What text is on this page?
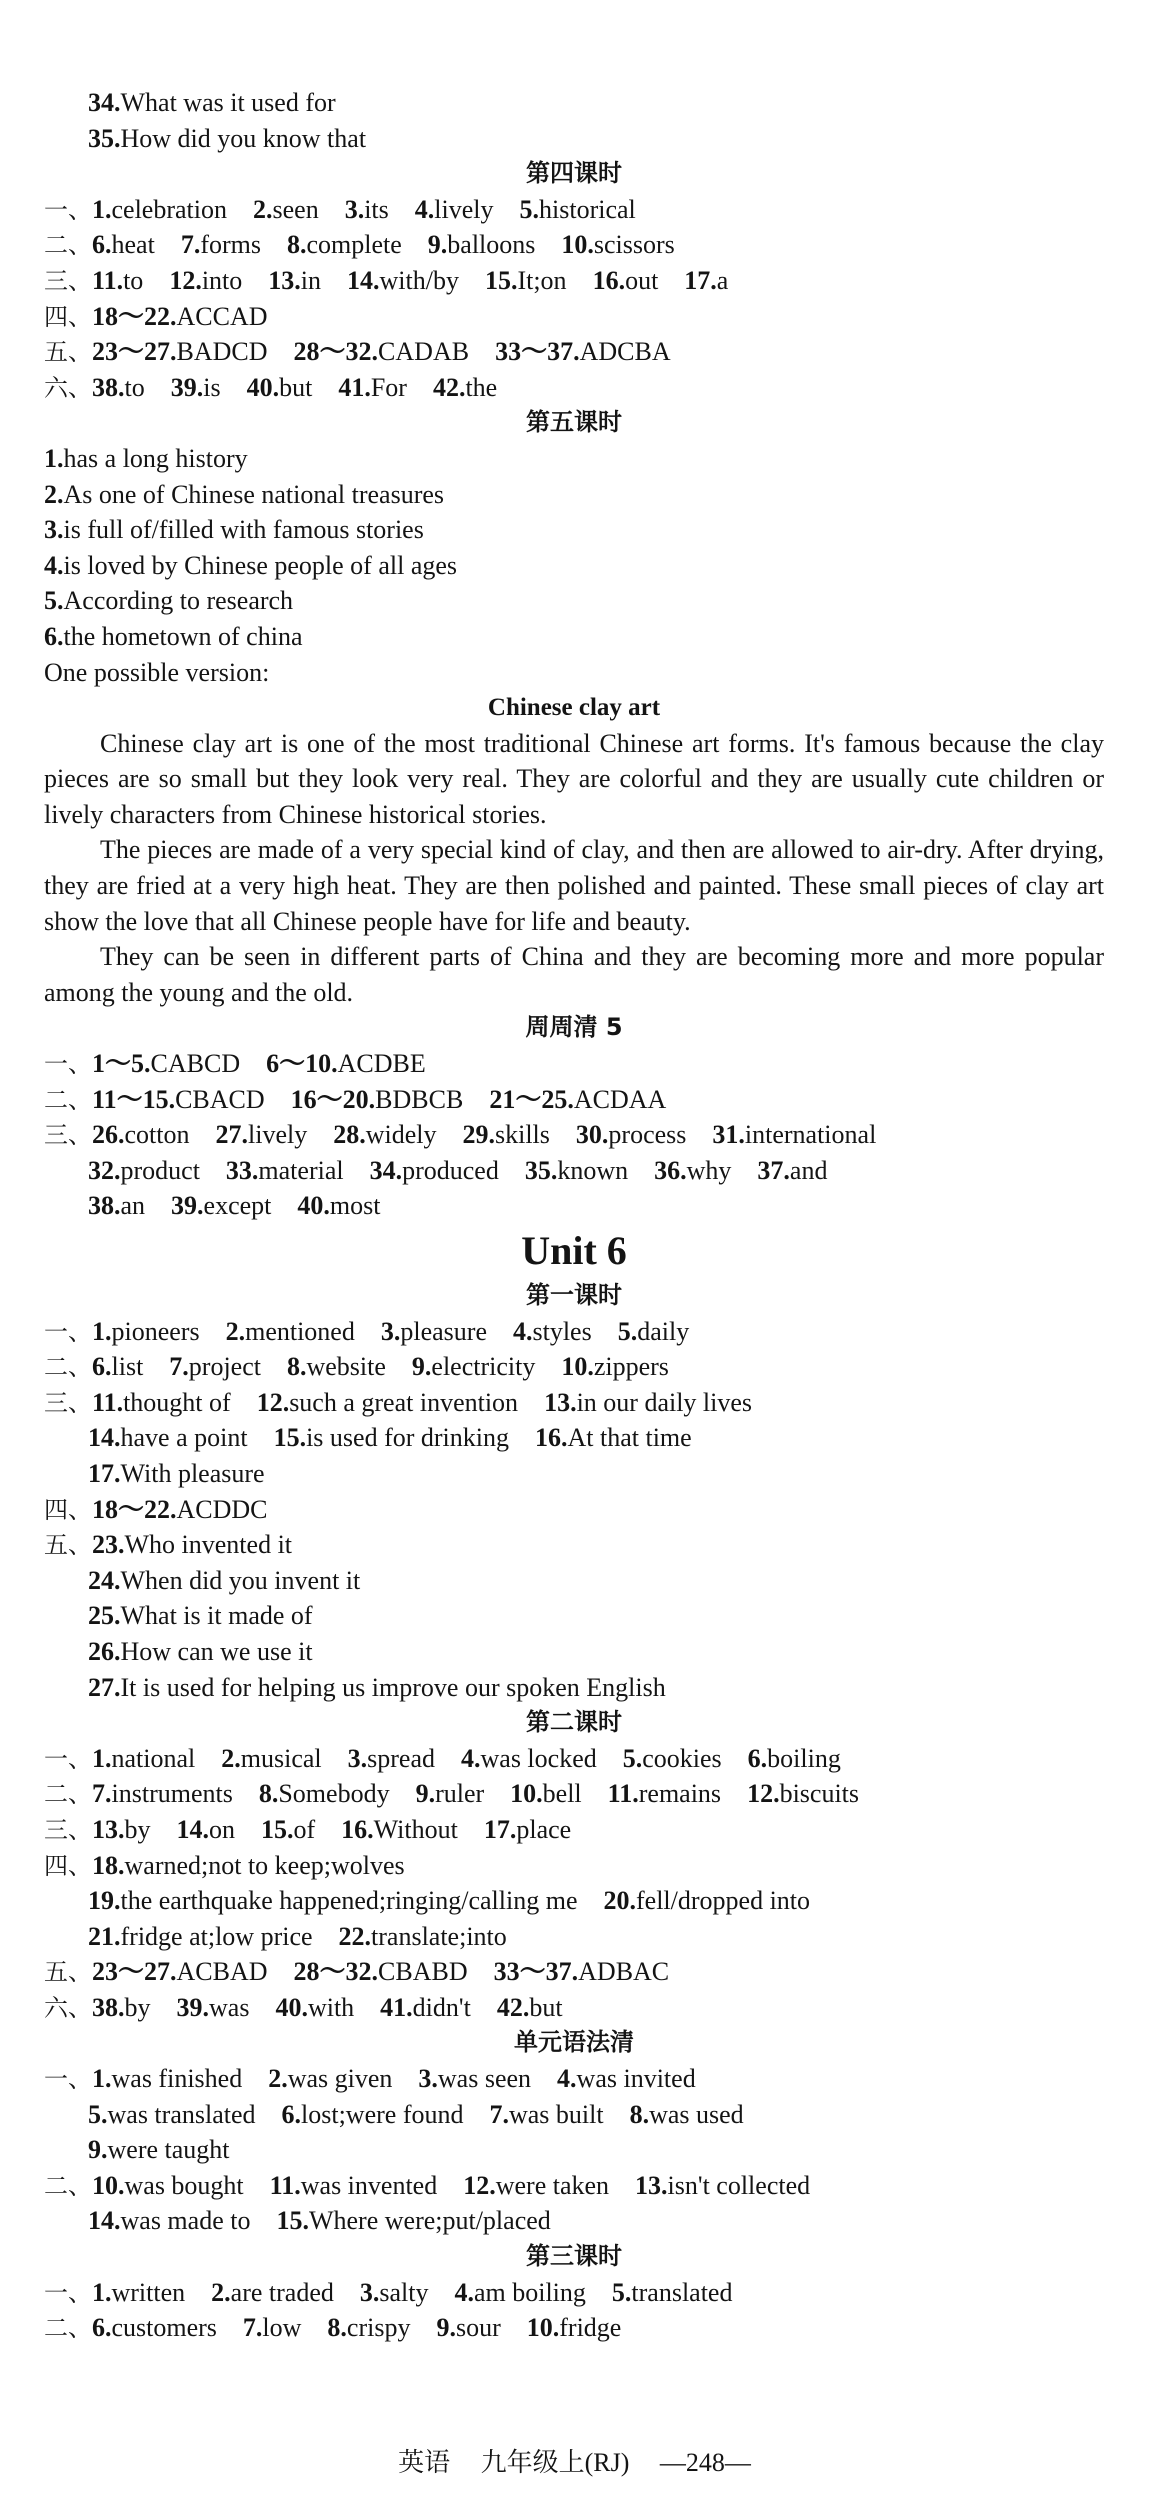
34.What was it used for
35.How did you know that
第四课时
一、1.celebration 2.seen 3.its 4.lively 5.historical
二、6.heat 7.forms 8.complete 9.balloons 10.scissors
三、11.to 12.into 13.in 14.with/by 15.It;on 16.out 17.a
四、18～22.ACCAD
五、23～27.BADCD 28～32.CADAB 33～37.ADCBA
六、38.to 39.is 40.but 41.For 42.the
第五课时
1.has a long history
2.As one of Chinese national treasures
3.is full of/filled with famous stories
4.is loved by Chinese people of all ages
5.According to research
6.the hometown of china
One possible version:
Chinese clay art
Chinese clay art is one of the most traditional Chinese art forms. It's famous because the clay pieces are so small but they look very real. They are colorful and they are usually cute children or lively characters from Chinese historical stories.
The pieces are made of a very special kind of clay, and then are allowed to air-dry. After drying, they are fried at a very high heat. They are then polished and painted. These small pieces of clay art show the love that all Chinese people have for life and beauty.
They can be seen in different parts of China and they are becoming more and more popular among the young and the old.
周周清 5
一、1～5.CABCD 6～10.ACDBE
二、11～15.CBACD 16～20.BDBCB 21～25.ACDAA
三、26.cotton 27.lively 28.widely 29.skills 30.process 31.international
32.product 33.material 34.produced 35.known 36.why 37.and
38.an 39.except 40.most
Unit 6
第一课时
一、1.pioneers 2.mentioned 3.pleasure 4.styles 5.daily
二、6.list 7.project 8.website 9.electricity 10.zippers
三、11.thought of 12.such a great invention 13.in our daily lives
14.have a point 15.is used for drinking 16.At that time
17.With pleasure
四、18～22.ACDDC
五、23.Who invented it
24.When did you invent it
25.What is it made of
26.How can we use it
27.It is used for helping us improve our spoken English
第二课时
一、1.national 2.musical 3.spread 4.was locked 5.cookies 6.boiling
二、7.instruments 8.Somebody 9.ruler 10.bell 11.remains 12.biscuits
三、13.by 14.on 15.of 16.Without 17.place
四、18.warned;not to keep;wolves
19.the earthquake happened;ringing/calling me 20.fell/dropped into
21.fridge at;low price 22.translate;into
五、23～27.ACBAD 28～32.CBABD 33～37.ADBAC
六、38.by 39.was 40.with 41.didn't 42.but
单元语法清
一、1.was finished 2.was given 3.was seen 4.was invited
5.was translated 6.lost;were found 7.was built 8.was used
9.were taught
二、10.was bought 11.was invented 12.were taken 13.isn't collected
14.was made to 15.Where were;put/placed
第三课时
一、1.written 2.are traded 3.salty 4.am boiling 5.translated
二、6.customers 7.low 8.crispy 9.sour 10.fridge
英语 九年级上(RJ) —248—
